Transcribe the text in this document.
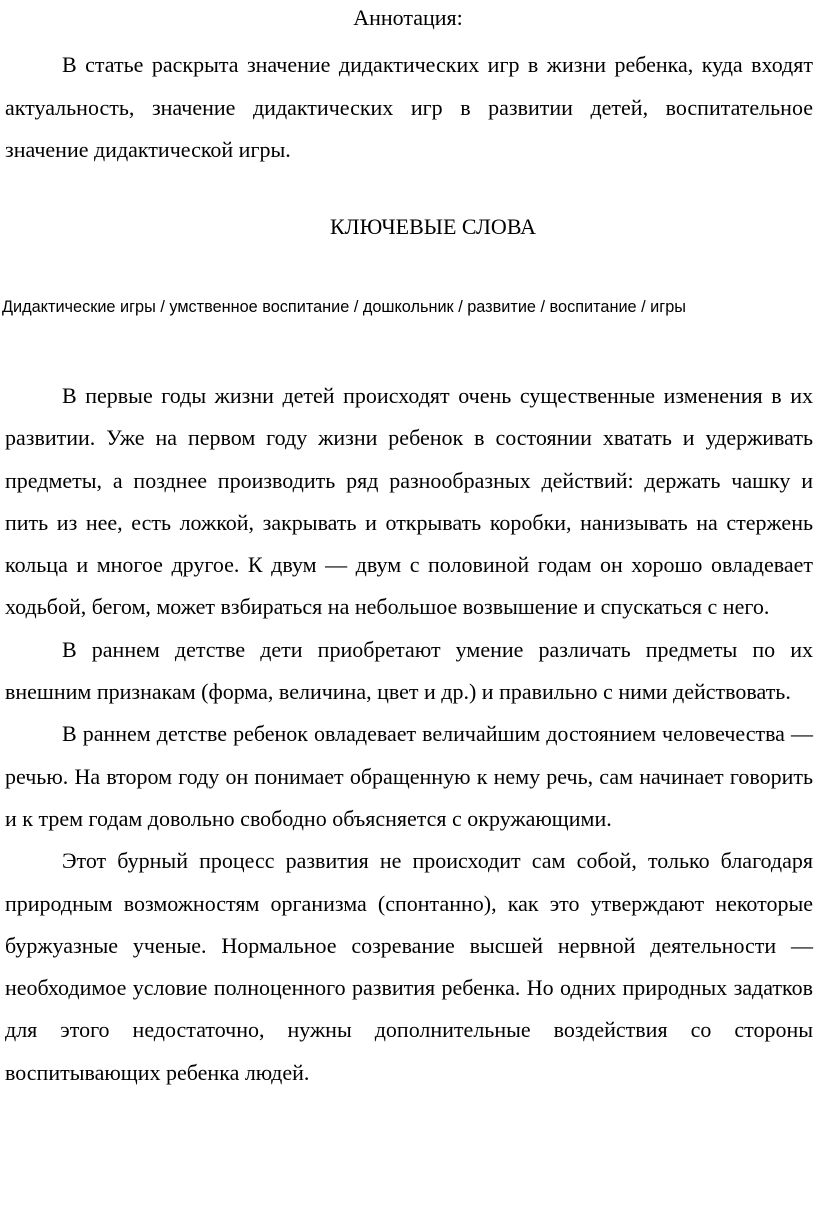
Аннотация:

В статье раскрыта значение дидактических игр в жизни ребенка, куда входят актуальность, значение дидактических игр в развитии детей, воспитательное значение дидактической игры.

КЛЮЧЕВЫЕ СЛОВА
Дидактические игры / умственное воспитание / дошкольник / развитие / воспитание / игры

В первые годы жизни детей происходят очень существенные изменения в их развитии. Уже на первом году жизни ребенок в состоянии хватать и удерживать предметы, а позднее производить ряд разнообразных действий: держать чашку и пить из нее, есть ложкой, закрывать и открывать коробки, нанизывать на стержень кольца и многое другое. К двум — двум с половиной годам он хорошо овладевает ходьбой, бегом, может взбираться на небольшое возвышение и спускаться с него.

В раннем детстве дети приобретают умение различать предметы по их внешним признакам (форма, величина, цвет и др.) и правильно с ними действовать.

В раннем детстве ребенок овладевает величайшим достоянием человечества — речью. На втором году он понимает обращенную к нему речь, сам начинает говорить и к трем годам довольно свободно объясняется с окружающими.

Этот бурный процесс развития не происходит сам собой, только благодаря природным возможностям организма (спонтанно), как это утверждают некоторые буржуазные ученые. Нормальное созревание высшей нервной деятельности — необходимое условие полноценного развития ребенка. Но одних природных задатков для этого недостаточно, нужны дополнительные воздействия со стороны воспитывающих ребенка людей.
